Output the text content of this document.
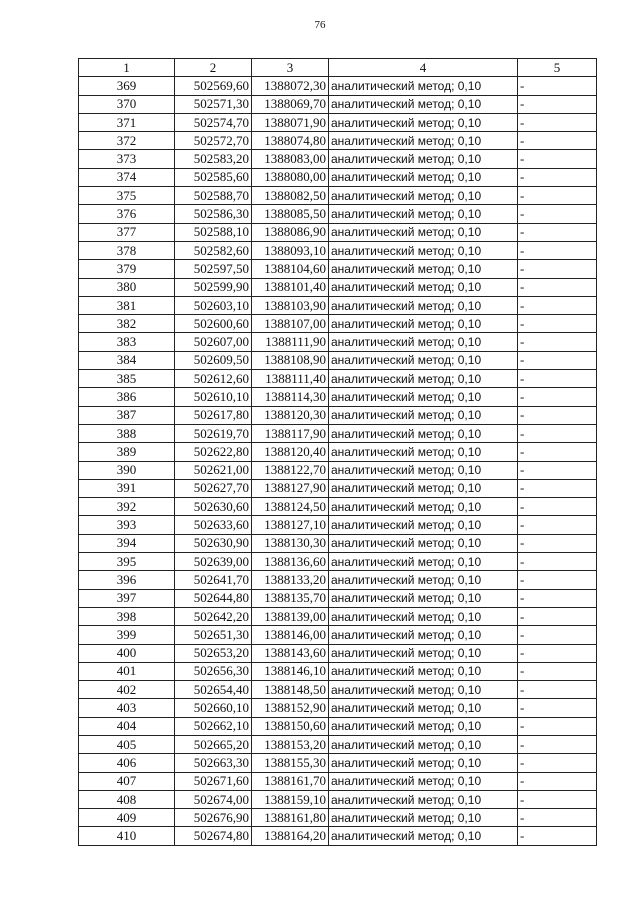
76
1	2	3	4	5
369	502569,60	1388072,30	аналитический метод; 0,10	-
370	502571,30	1388069,70	аналитический метод; 0,10	-
371	502574,70	1388071,90	аналитический метод; 0,10	-
372	502572,70	1388074,80	аналитический метод; 0,10	-
373	502583,20	1388083,00	аналитический метод; 0,10	-
374	502585,60	1388080,00	аналитический метод; 0,10	-
375	502588,70	1388082,50	аналитический метод; 0,10	-
376	502586,30	1388085,50	аналитический метод; 0,10	-
377	502588,10	1388086,90	аналитический метод; 0,10	-
378	502582,60	1388093,10	аналитический метод; 0,10	-
379	502597,50	1388104,60	аналитический метод; 0,10	-
380	502599,90	1388101,40	аналитический метод; 0,10	-
381	502603,10	1388103,90	аналитический метод; 0,10	-
382	502600,60	1388107,00	аналитический метод; 0,10	-
383	502607,00	1388111,90	аналитический метод; 0,10	-
384	502609,50	1388108,90	аналитический метод; 0,10	-
385	502612,60	1388111,40	аналитический метод; 0,10	-
386	502610,10	1388114,30	аналитический метод; 0,10	-
387	502617,80	1388120,30	аналитический метод; 0,10	-
388	502619,70	1388117,90	аналитический метод; 0,10	-
389	502622,80	1388120,40	аналитический метод; 0,10	-
390	502621,00	1388122,70	аналитический метод; 0,10	-
391	502627,70	1388127,90	аналитический метод; 0,10	-
392	502630,60	1388124,50	аналитический метод; 0,10	-
393	502633,60	1388127,10	аналитический метод; 0,10	-
394	502630,90	1388130,30	аналитический метод; 0,10	-
395	502639,00	1388136,60	аналитический метод; 0,10	-
396	502641,70	1388133,20	аналитический метод; 0,10	-
397	502644,80	1388135,70	аналитический метод; 0,10	-
398	502642,20	1388139,00	аналитический метод; 0,10	-
399	502651,30	1388146,00	аналитический метод; 0,10	-
400	502653,20	1388143,60	аналитический метод; 0,10	-
401	502656,30	1388146,10	аналитический метод; 0,10	-
402	502654,40	1388148,50	аналитический метод; 0,10	-
403	502660,10	1388152,90	аналитический метод; 0,10	-
404	502662,10	1388150,60	аналитический метод; 0,10	-
405	502665,20	1388153,20	аналитический метод; 0,10	-
406	502663,30	1388155,30	аналитический метод; 0,10	-
407	502671,60	1388161,70	аналитический метод; 0,10	-
408	502674,00	1388159,10	аналитический метод; 0,10	-
409	502676,90	1388161,80	аналитический метод; 0,10	-
410	502674,80	1388164,20	аналитический метод; 0,10	-
